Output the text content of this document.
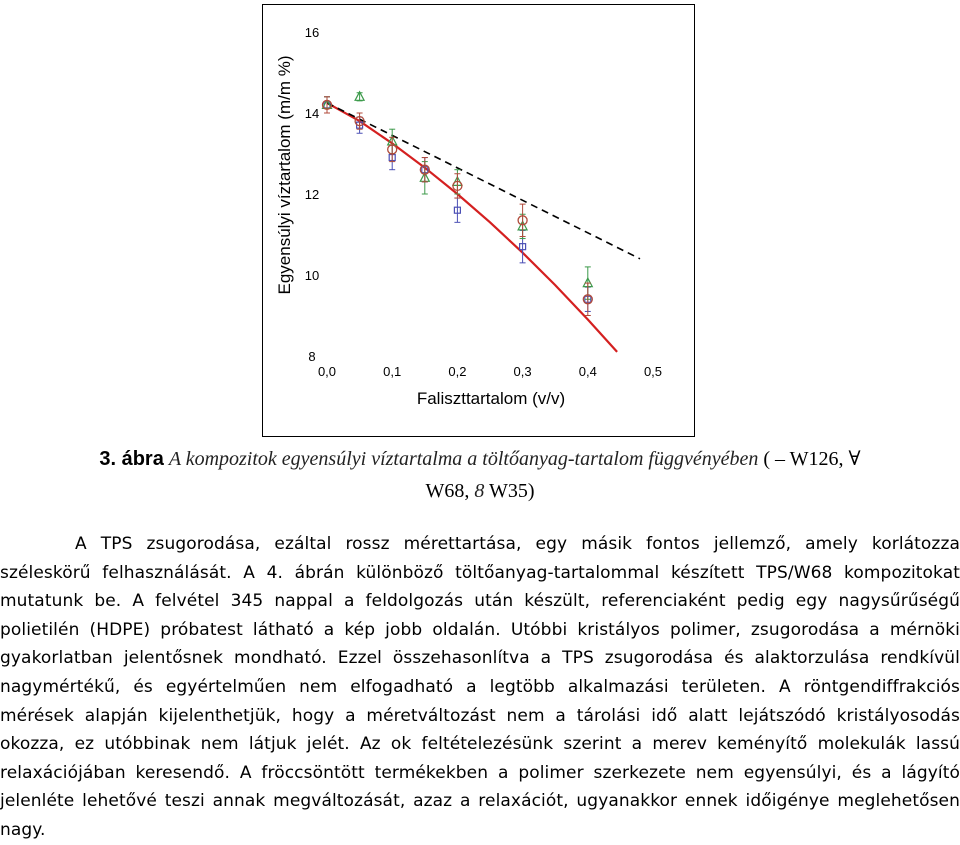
0,0	0,1	0,2	0,3	0,4	0,5
8
10
12
14
16
Egyensúlyi víztartalom (m/m %)
Faliszttartalom (v/v)
3. ábra A kompozitok egyensúlyi víztartalma a töltőanyag-tartalom függvényében ( – W126, ∀
W68, 8 W35)

A TPS zsugorodása, ezáltal rossz mérettartása, egy másik fontos jellemző, amely korlátozza széleskörű felhasználását. A 4. ábrán különböző töltőanyag-tartalommal készített TPS/W68 kompozitokat mutatunk be. A felvétel 345 nappal a feldolgozás után készült, referenciaként pedig egy nagysűrűségű polietilén (HDPE) próbatest látható a kép jobb oldalán. Utóbbi kristályos polimer, zsugorodása a mérnöki gyakorlatban jelentősnek mondható. Ezzel összehasonlítva a TPS zsugorodása és alaktorzulása rendkívül nagymértékű, és egyértelműen nem elfogadható a legtöbb alkalmazási területen. A röntgendiffrakciós mérések alapján kijelenthetjük, hogy a méretváltozást nem a tárolási idő alatt lejátszódó kristályosodás okozza, ez utóbbinak nem látjuk jelét. Az ok feltételezésünk szerint a merev keményítő molekulák lassú relaxációjában keresendő. A fröccsöntött termékekben a polimer szerkezete nem egyensúlyi, és a lágyító jelenléte lehetővé teszi annak megváltozását, azaz a relaxációt, ugyanakkor ennek időigénye meglehetősen nagy.
